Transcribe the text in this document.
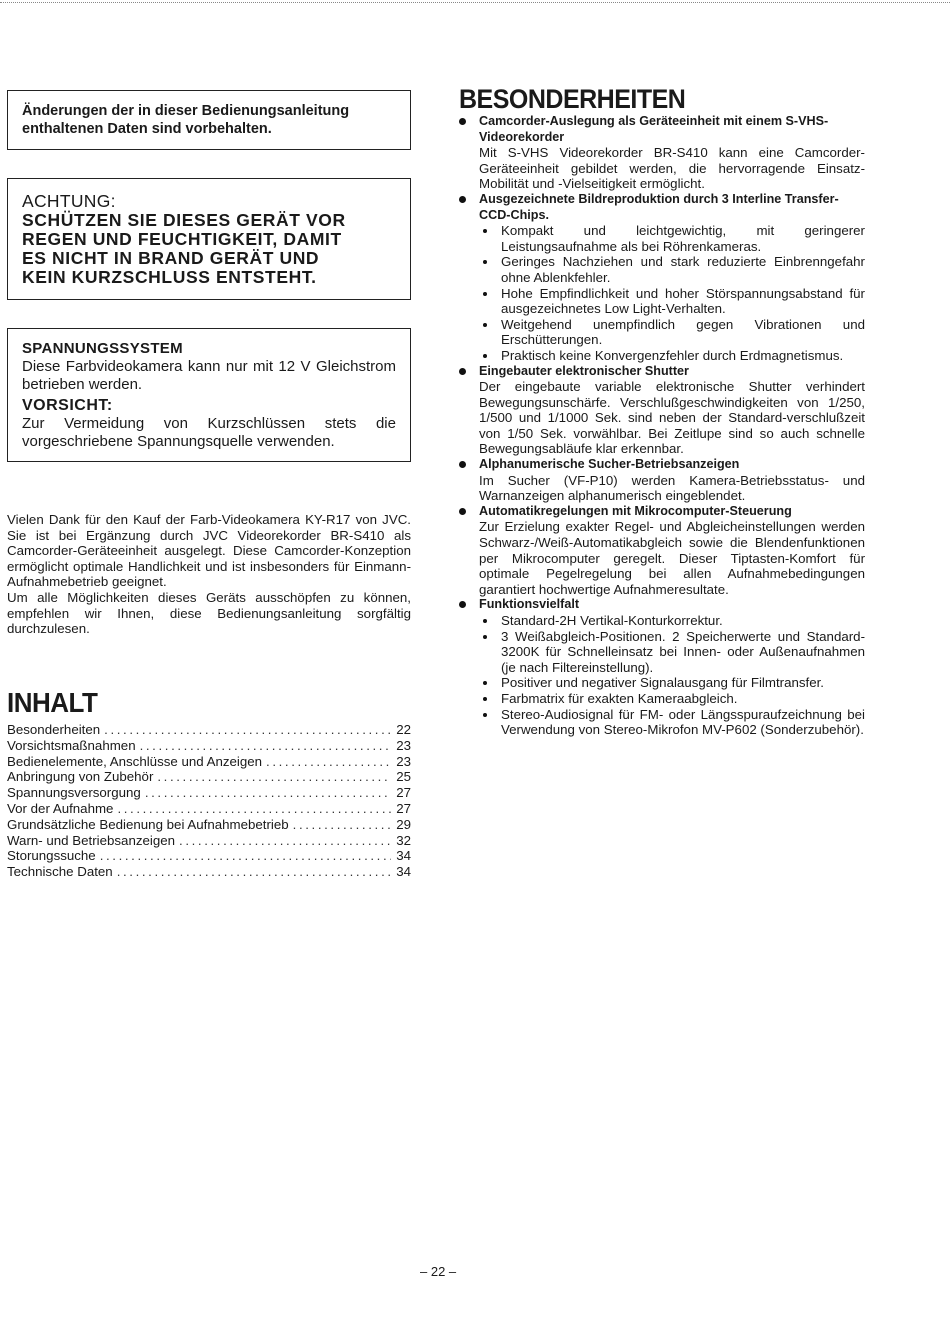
Änderungen der in dieser Bedienungsanleitung
enthaltenen Daten sind vorbehalten.
ACHTUNG:
SCHÜTZEN SIE DIESES GERÄT VOR
REGEN UND FEUCHTIGKEIT, DAMIT
ES NICHT IN BRAND GERÄT UND
KEIN KURZSCHLUSS ENTSTEHT.
SPANNUNGSSYSTEM
Diese Farbvideokamera kann nur mit 12 V Gleichstrom betrieben werden.
VORSICHT:
Zur Vermeidung von Kurzschlüssen stets die vorgeschriebene Spannungsquelle verwenden.

Vielen Dank für den Kauf der Farb-Videokamera KY-R17 von JVC. Sie ist bei Ergänzung durch JVC Videorekorder BR-S410 als Camcorder-Geräteeinheit ausgelegt. Diese Camcorder-Konzeption ermöglicht optimale Handlichkeit und ist insbesonders für Einmann-Aufnahmebetrieb geeignet.

Um alle Möglichkeiten dieses Geräts ausschöpfen zu können, empfehlen wir Ihnen, diese Bedienungsanleitung sorgfältig durchzulesen.

INHALT
Besonderheiten .....	22
Vorsichtsmaßnahmen .....	23
Bedienelemente, Anschlüsse und Anzeigen .....	23
Anbringung von Zubehör .....	25
Spannungsversorgung .....	27
Vor der Aufnahme .....	27
Grundsätzliche Bedienung bei Aufnahmebetrieb .....	29
Warn- und Betriebsanzeigen .....	32
Storungssuche .....	34
Technische Daten .....	34
BESONDERHEITEN
Camcorder-Auslegung als Geräteeinheit mit einem S-VHS-Videorekorder
Mit S-VHS Videorekorder BR-S410 kann eine Camcorder-Geräteeinheit gebildet werden, die hervorragende Einsatz-Mobilität und -Vielseitigkeit ermöglicht.
Ausgezeichnete Bildreproduktion durch 3 Interline Transfer-CCD-Chips.
Kompakt und leichtgewichtig, mit geringerer Leistungsaufnahme als bei Röhrenkameras.
Geringes Nachziehen und stark reduzierte Einbrenngefahr ohne Ablenkfehler.
Hohe Empfindlichkeit und hoher Störspannungsabstand für ausgezeichnetes Low Light-Verhalten.
Weitgehend unempfindlich gegen Vibrationen und Erschütterungen.
Praktisch keine Konvergenzfehler durch Erdmagnetismus.
Eingebauter elektronischer Shutter
Der eingebaute variable elektronische Shutter verhindert Bewegungsunschärfe. Verschlußgeschwindigkeiten von 1/250, 1/500 und 1/1000 Sek. sind neben der Standard-verschlußzeit von 1/50 Sek. vorwählbar. Bei Zeitlupe sind so auch schnelle Bewegungsabläufe klar erkennbar.
Alphanumerische Sucher-Betriebsanzeigen
Im Sucher (VF-P10) werden Kamera-Betriebsstatus- und Warnanzeigen alphanumerisch eingeblendet.
Automatikregelungen mit Mikrocomputer-Steuerung
Zur Erzielung exakter Regel- und Abgleicheinstellungen werden Schwarz-/Weiß-Automatikabgleich sowie die Blendenfunktionen per Mikrocomputer geregelt. Dieser Tiptasten-Komfort für optimale Pegelregelung bei allen Aufnahmebedingungen garantiert hochwertige Aufnahmeresultate.
Funktionsvielfalt
Standard-2H Vertikal-Konturkorrektur.
3 Weißabgleich-Positionen. 2 Speicherwerte und Standard-3200K für Schnelleinsatz bei Innen- oder Außenaufnahmen (je nach Filtereinstellung).
Positiver und negativer Signalausgang für Filmtransfer.
Farbmatrix für exakten Kameraabgleich.
Stereo-Audiosignal für FM- oder Längsspuraufzeichnung bei Verwendung von Stereo-Mikrofon MV-P602 (Sonderzubehör).
– 22 –
